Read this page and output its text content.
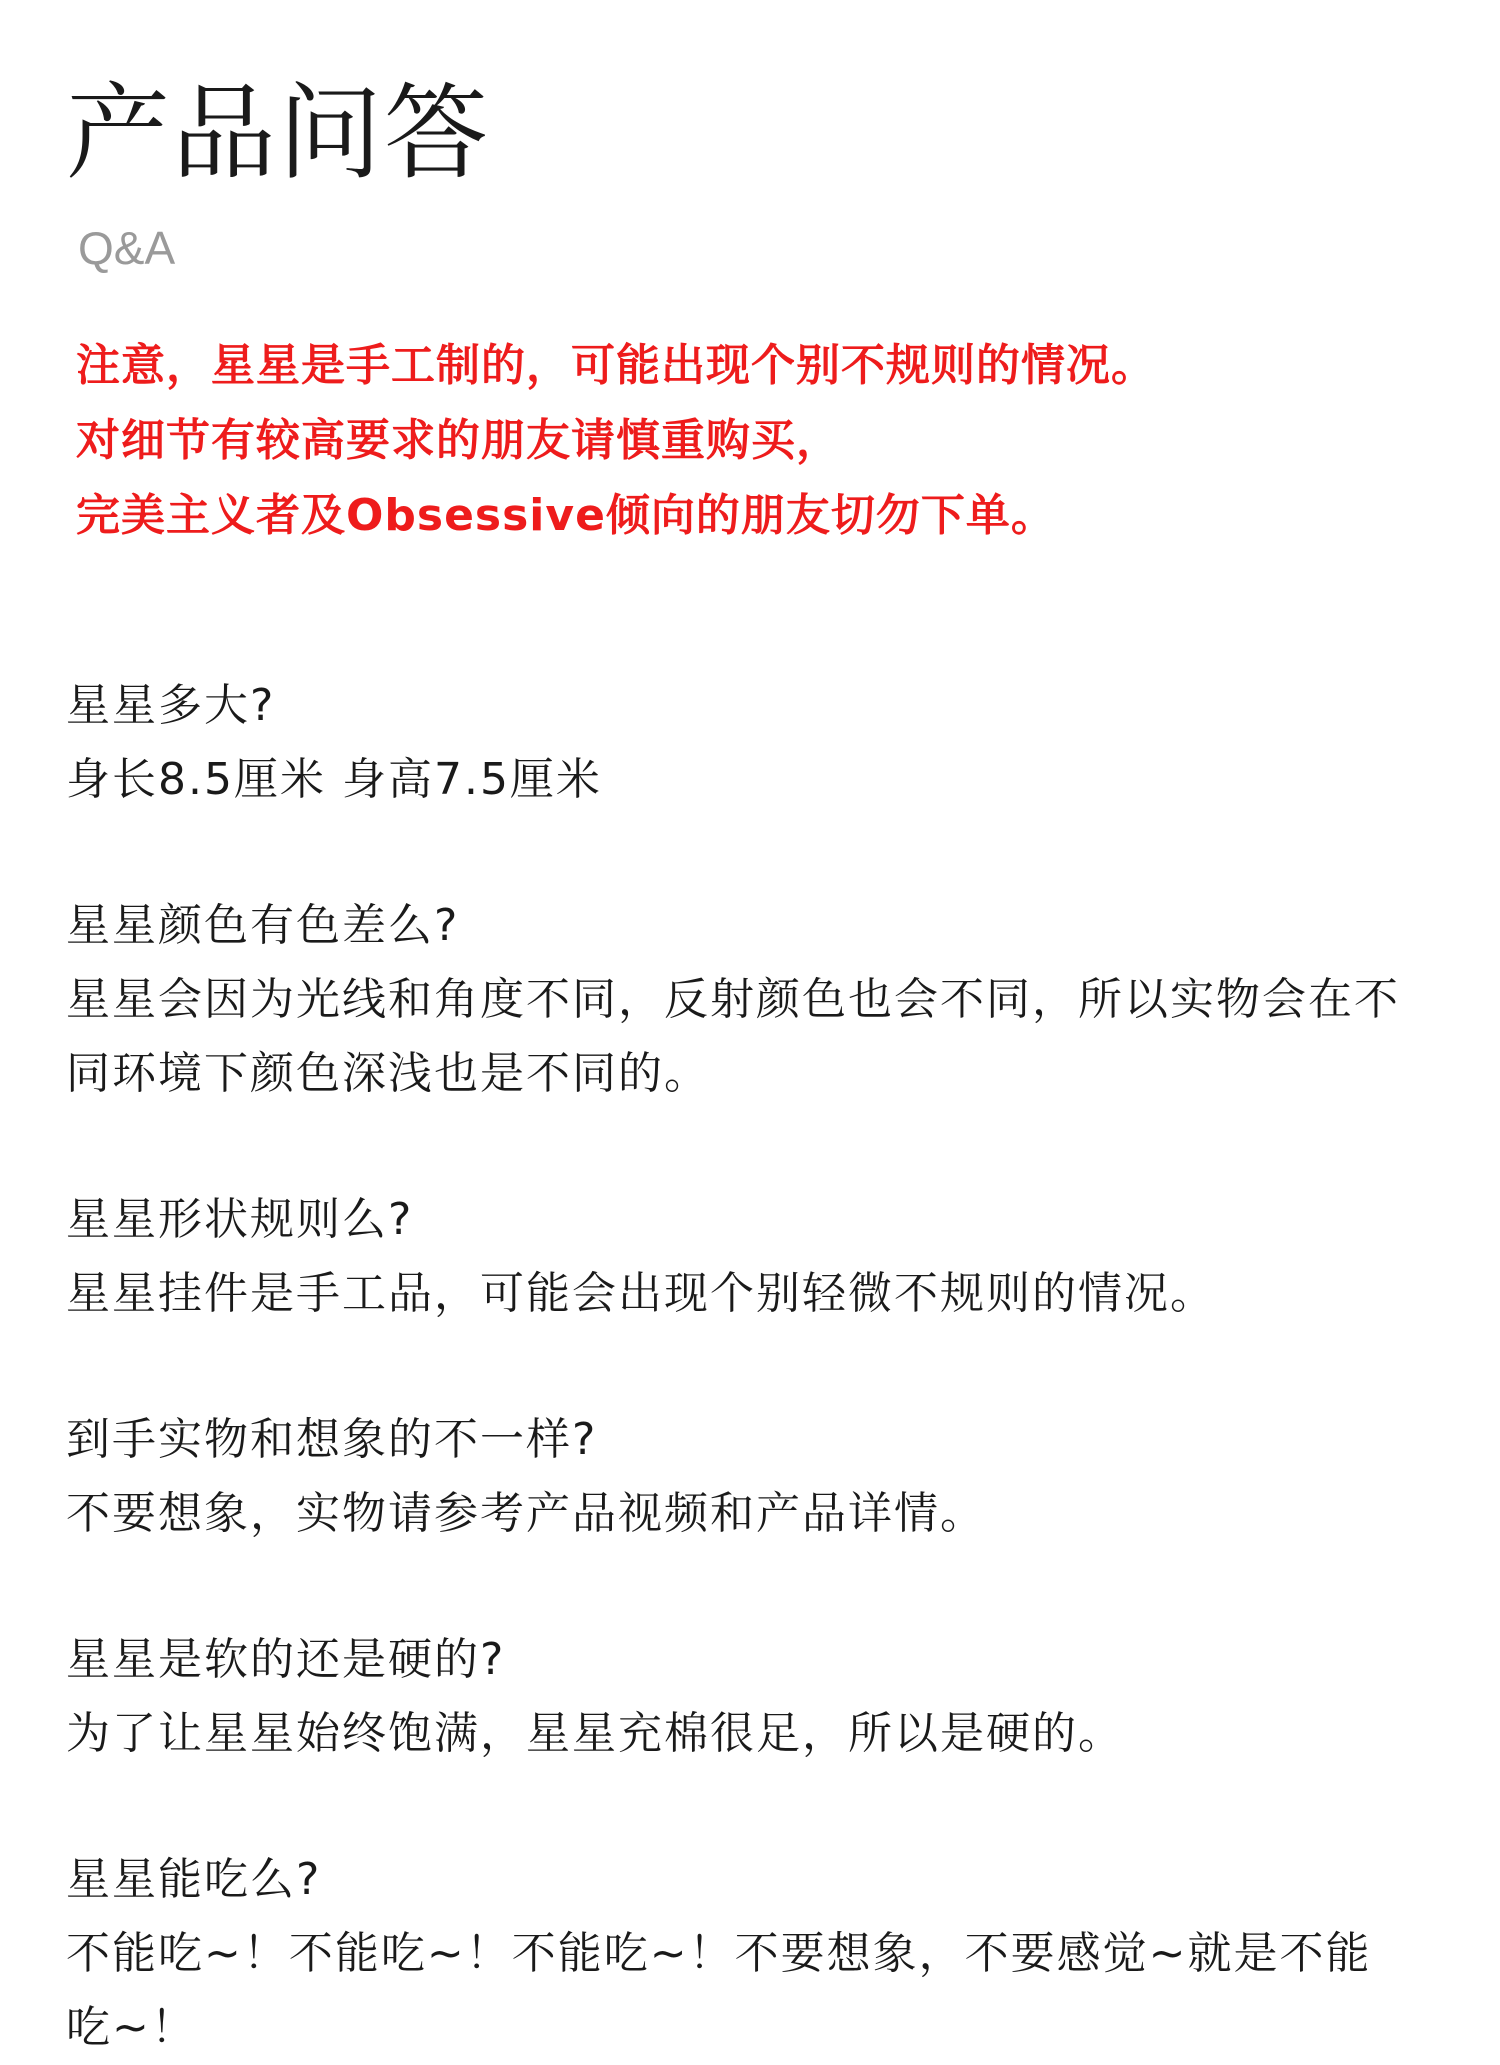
产品问答
Q&A

注意，星星是手工制的，可能出现个别不规则的情况。

对细节有较高要求的朋友请慎重购买，

完美主义者及Obsessive倾向的朋友切勿下单。

星星多大?

身长8.5厘米 身高7.5厘米

星星颜色有色差么?

星星会因为光线和角度不同，反射颜色也会不同，所以实物会在不同环境下颜色深浅也是不同的。

星星形状规则么?

星星挂件是手工品，可能会出现个别轻微不规则的情况。

到手实物和想象的不一样?

不要想象，实物请参考产品视频和产品详情。

星星是软的还是硬的?

为了让星星始终饱满，星星充棉很足，所以是硬的。

星星能吃么?

不能吃~！不能吃~！不能吃~！不要想象，不要感觉~就是不能吃~！
